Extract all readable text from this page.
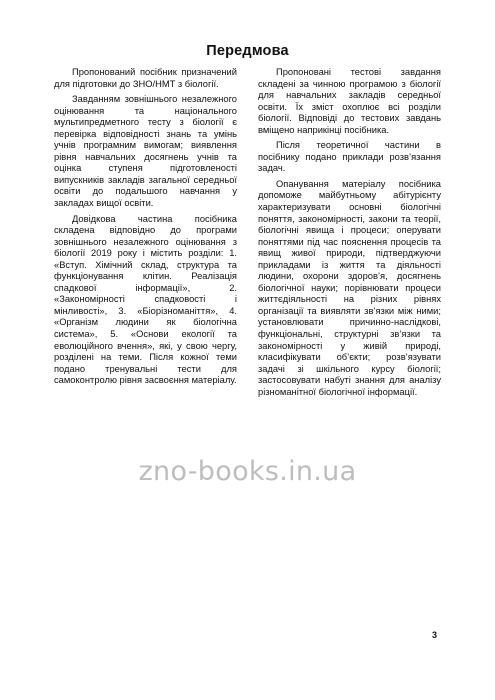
Передмова

Пропонований посібник призначений для підготовки до ЗНО/НМТ з біології.

Завданням зовнішнього незалежного оцінювання та національного мультипредметного тесту з біології є перевірка відповідності знань та умінь учнів програмним вимогам; виявлення рівня навчальних досягнень учнів та оцінка ступеня підготовленості випускників закладів загальної середньої освіти до подальшого навчання у закладах вищої освіти.

Довідкова частина посібника складена відповідно до програми зовнішнього незалежного оцінювання з біології 2019 року і містить розділи: 1. «Вступ. Хімічний склад, структура та функціонування клітин. Реалізація спадкової інформації», 2. «Закономірності спадковості і мінливості», 3. «Біорізноманіття», 4. «Організм людини як біологічна система», 5. «Основи екології та еволюційного вчення», які, у свою чергу, розділені на теми. Після кожної теми подано тренувальні тести для самоконтролю рівня засвоєння матеріалу.

Пропоновані тестові завдання складені за чинною програмою з біології для навчальних закладів середньої освіти. Їх зміст охоплює всі розділи біології. Відповіді до тестових завдань вміщено наприкінці посібника.

Після теоретичної частини в посібнику подано приклади розв’язання задач.

Опанування матеріалу посібника допоможе майбутньому абітурієнту характеризувати основні біологічні поняття, закономірності, закони та теорії, біологічні явища і процеси; оперувати поняттями під час пояснення процесів та явищ живої природи, підтверджуючи прикладами із життя та діяльності людини, охорони здоров’я, досягнень біологічної науки; порівнювати процеси життєдіяльності на різних рівнях організації та виявляти зв’язки між ними; установлювати причинно-наслідкові, функціональні, структурні зв’язки та закономірності у живій природі, класифікувати об’єкти; розв’язувати задачі зі шкільного курсу біології; застосовувати набуті знання для аналізу різноманітної біологічної інформації.

zno-books.in.ua
3
